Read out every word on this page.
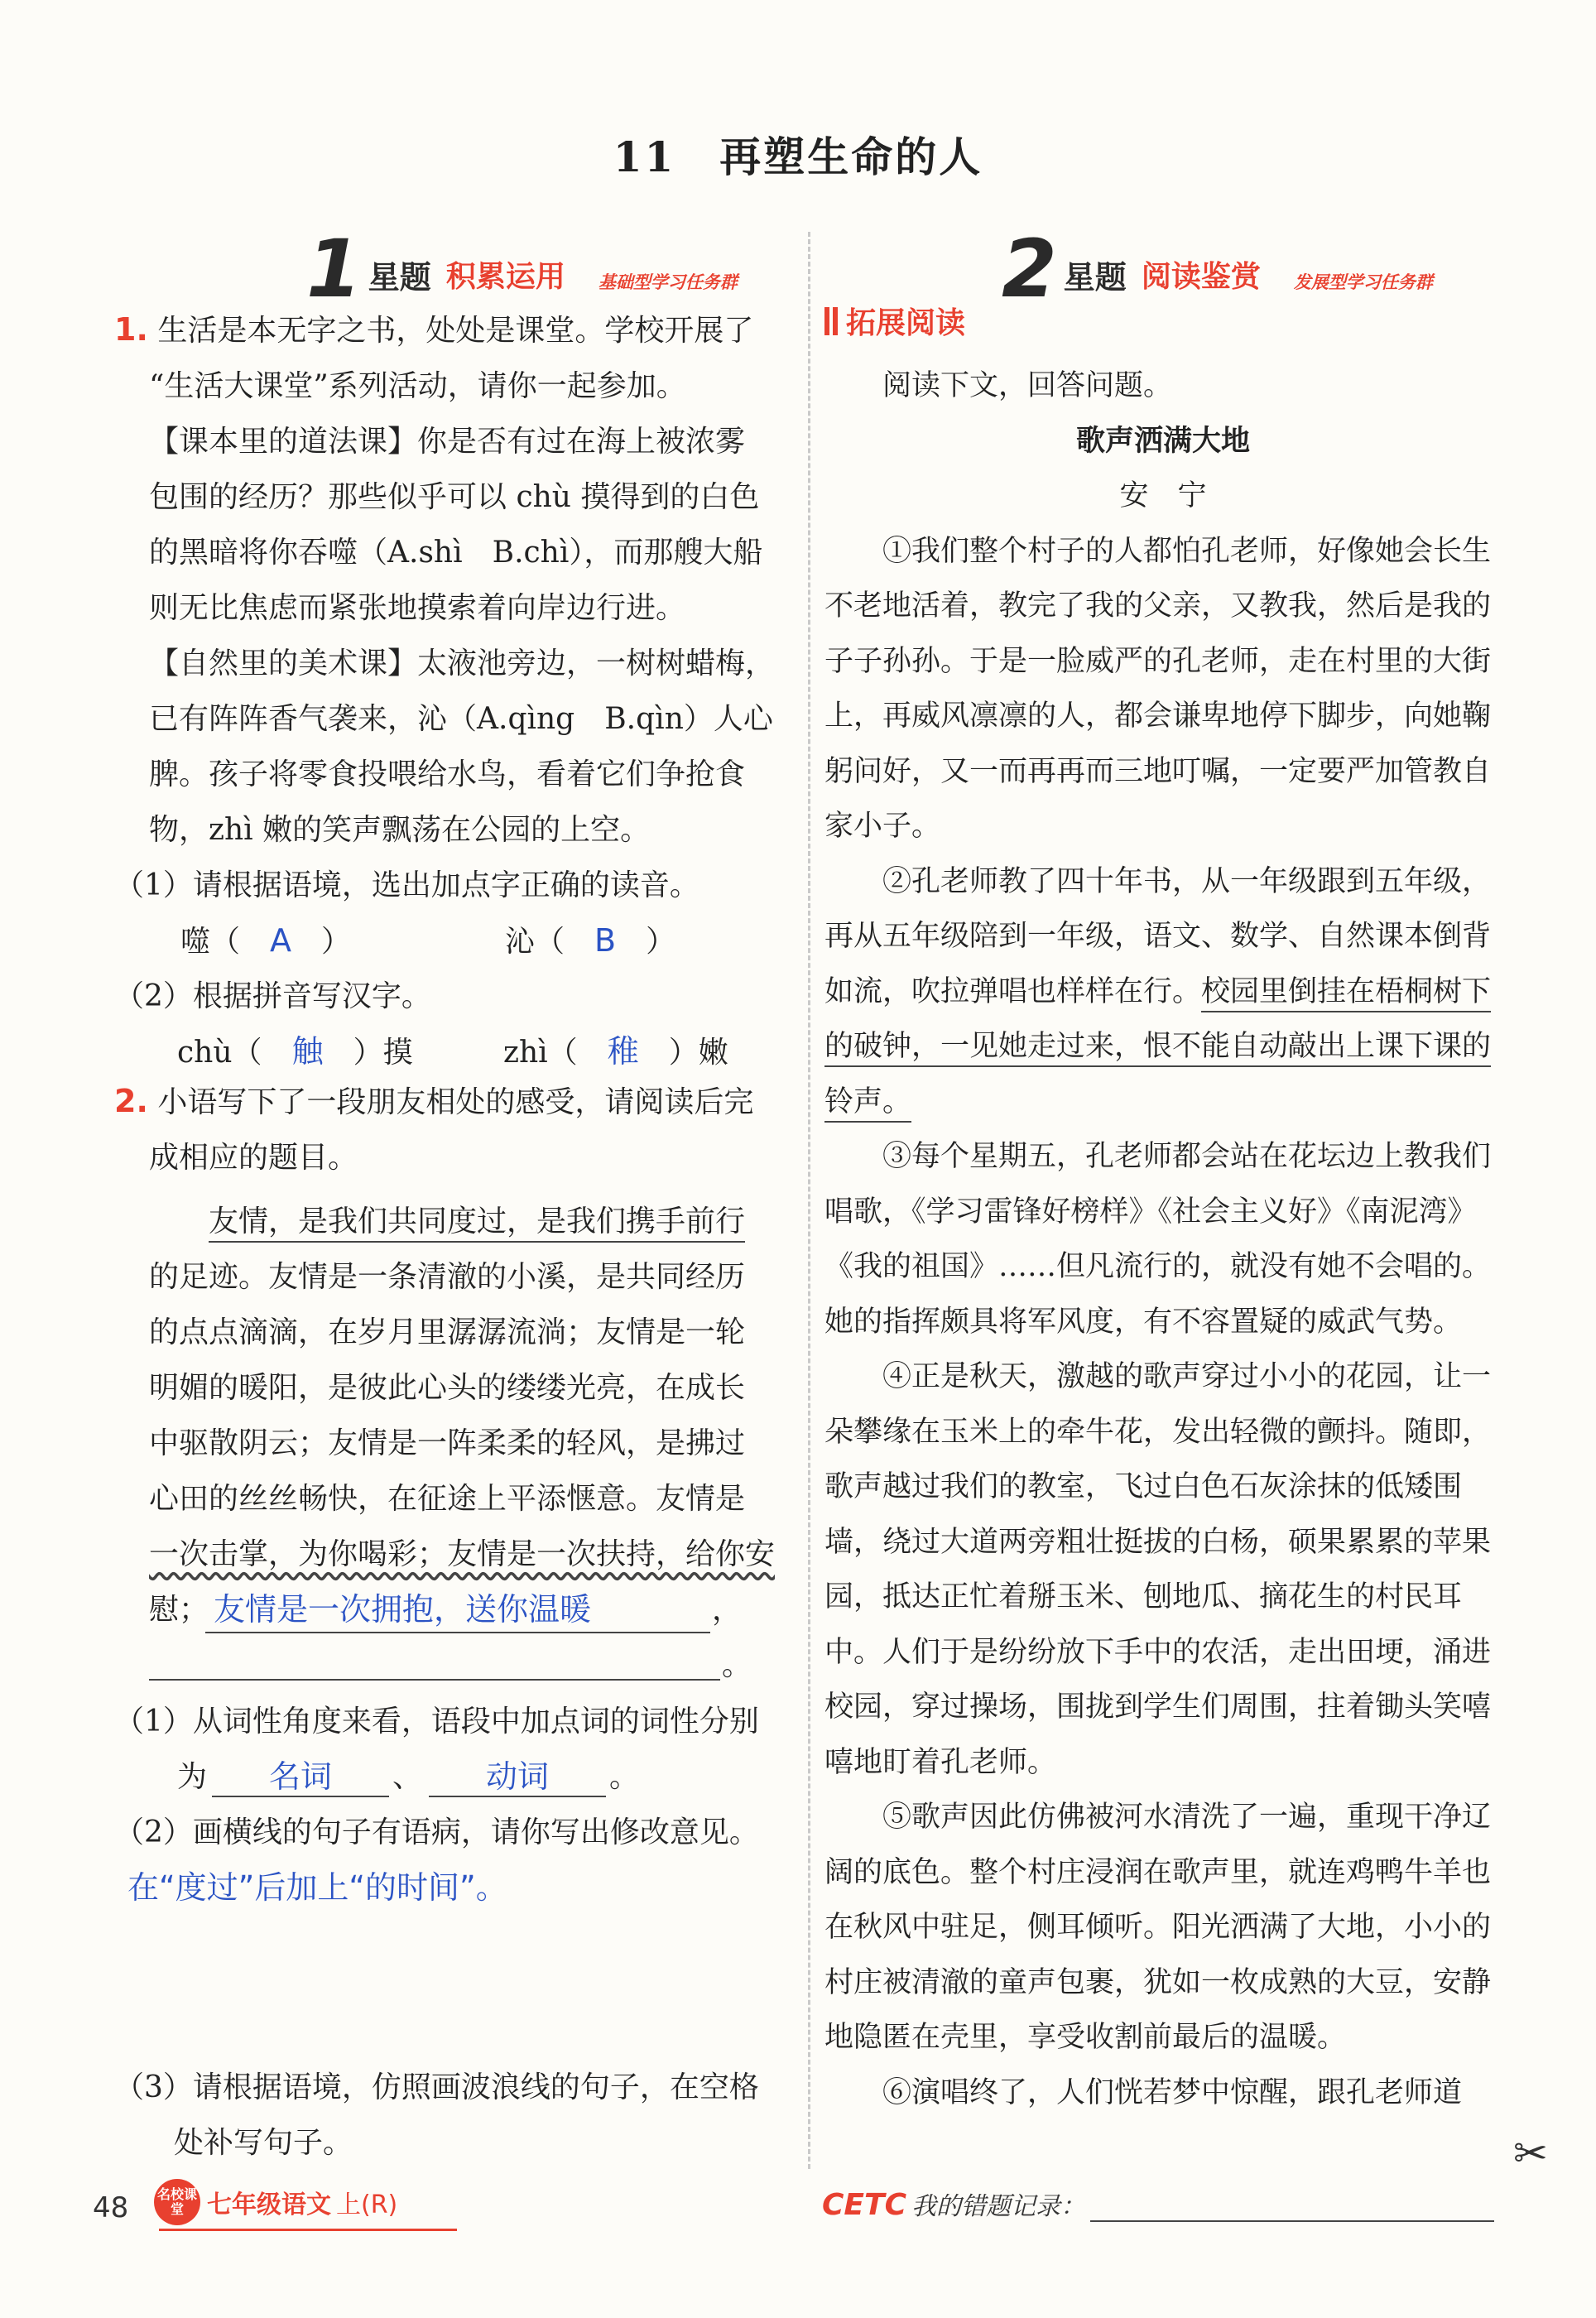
11　再塑生命的人
1 星题 积累运用 基础型学习任务群	2 星题 阅读鉴赏 发展型学习任务群
1. 生活是本无字之书，处处是课堂。学校开展了
“生活大课堂”系列活动，请你一起参加。
【课本里的道法课】你是否有过在海上被浓雾
包围的经历？那些似乎可以 chù 摸得到的白色
的黑暗将你吞噬（A.shì　B.chì），而那艘大船
则无比焦虑而紧张地摸索着向岸边行进。
【自然里的美术课】太液池旁边，一树树蜡梅，
已有阵阵香气袭来，沁（A.qìng　B.qìn）人心
脾。孩子将零食投喂给水鸟，看着它们争抢食
物，zhì 嫩的笑声飘荡在公园的上空。
（1）请根据语境，选出加点字正确的读音。
噬（　 A　 ）	沁（　 B　 ）
（2）根据拼音写汉字。
chù（　 触　 ）摸	zhì（　 稚　 ）嫩
2. 小语写下了一段朋友相处的感受，请阅读后完
成相应的题目。
友情，是我们共同度过，是我们携手前行
的足迹。友情是一条清澈的小溪，是共同经历
的点点滴滴，在岁月里潺潺流淌；友情是一轮
明媚的暖阳，是彼此心头的缕缕光亮，在成长
中驱散阴云；友情是一阵柔柔的轻风，是拂过
心田的丝丝畅快，在征途上平添惬意。友情是
一次击掌，为你喝彩；友情是一次扶持，给你安
慰； 友情是一次拥抱，送你温暖	，
。
（1）从词性角度来看，语段中加点词的词性分别
为	名词	、	动词	。
（2）画横线的句子有语病，请你写出修改意见。
在“度过”后加上“的时间”。
（3）请根据语境，仿照画波浪线的句子，在空格
处补写句子。
拓展阅读
阅读下文，回答问题。
歌声洒满大地
安　宁

①我们整个村子的人都怕孔老师，好像她会长生不老地活着，教完了我的父亲，又教我，然后是我的子子孙孙。于是一脸威严的孔老师，走在村里的大街上，再威风凛凛的人，都会谦卑地停下脚步，向她鞠躬问好，又一而再再而三地叮嘱，一定要严加管教自家小子。

②孔老师教了四十年书，从一年级跟到五年级，再从五年级陪到一年级，语文、数学、自然课本倒背如流，吹拉弹唱也样样在行。校园里倒挂在梧桐树下的破钟，一见她走过来，恨不能自动敲出上课下课的铃声。

③每个星期五，孔老师都会站在花坛边上教我们唱歌，《学习雷锋好榜样》《社会主义好》《南泥湾》《我的祖国》……但凡流行的，就没有她不会唱的。她的指挥颇具将军风度，有不容置疑的威武气势。

④正是秋天，激越的歌声穿过小小的花园，让一朵攀缘在玉米上的牵牛花，发出轻微的颤抖。随即，歌声越过我们的教室，飞过白色石灰涂抹的低矮围墙，绕过大道两旁粗壮挺拔的白杨，硕果累累的苹果园，抵达正忙着掰玉米、刨地瓜、摘花生的村民耳中。人们于是纷纷放下手中的农活，走出田埂，涌进校园，穿过操场，围拢到学生们周围，拄着锄头笑嘻嘻地盯着孔老师。

⑤歌声因此仿佛被河水清洗了一遍，重现干净辽阔的底色。整个村庄浸润在歌声里，就连鸡鸭牛羊也在秋风中驻足，侧耳倾听。阳光洒满了大地，小小的村庄被清澈的童声包裹，犹如一枚成熟的大豆，安静地隐匿在壳里，享受收割前最后的温暖。

⑥演唱终了，人们恍若梦中惊醒，跟孔老师道

✂
48 名校课堂 七年级语文 上(R)	CETC 我的错题记录：
